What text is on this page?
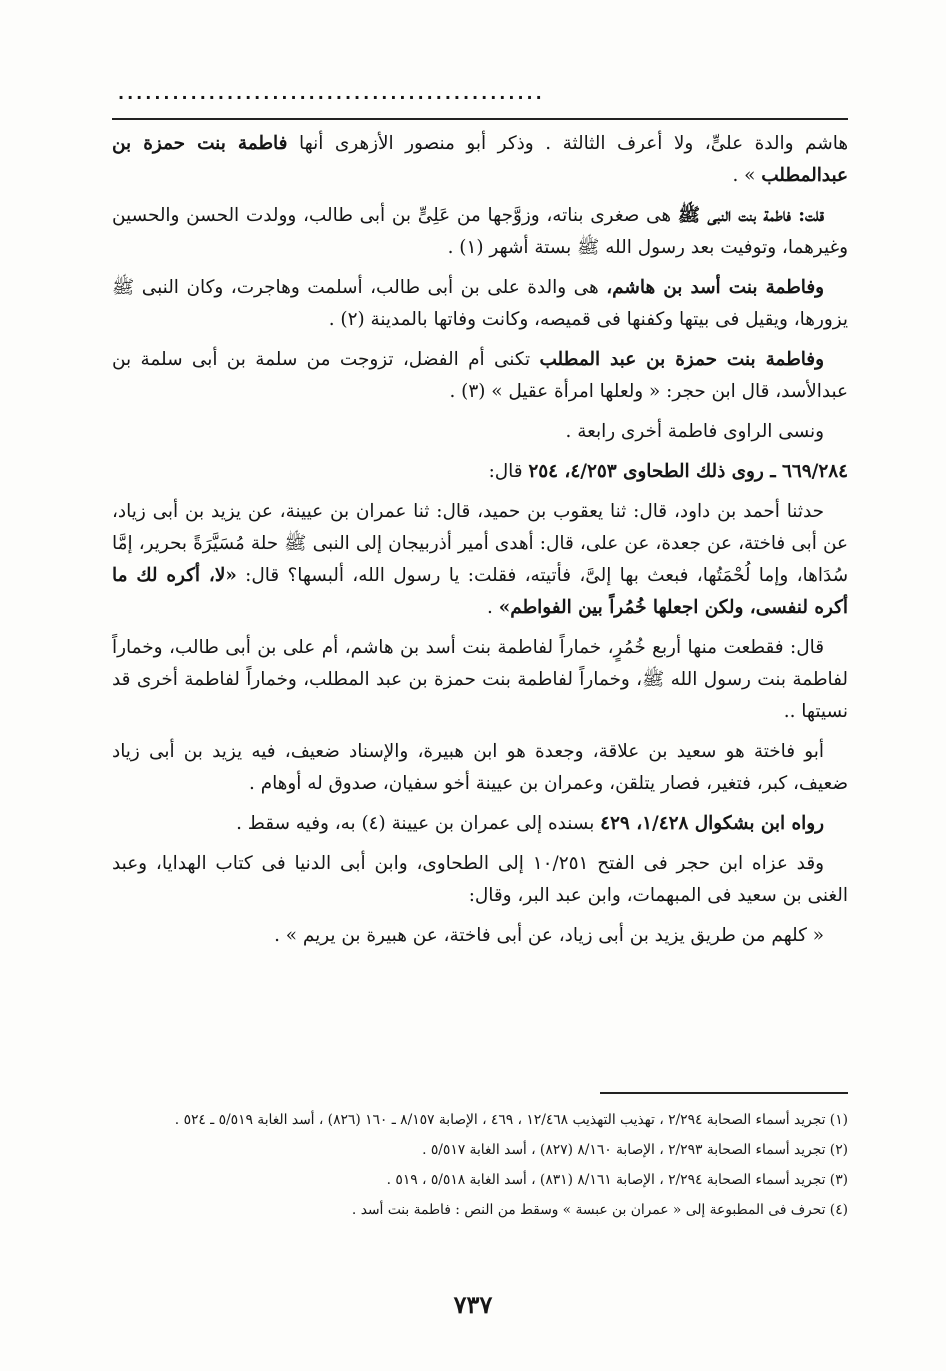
...............................................

هاشم والدة علىٍّ، ولا أعرف الثالثة . وذكر أبو منصور الأزهرى أنها فاطمة بنت حمزة بن عبدالمطلب » .

قلت: فاطمة بنت النبى ﷺ هى صغرى بناته، وزوَّجها من عَلِىٍّ بن أبى طالب، وولدت الحسن والحسين وغيرهما، وتوفيت بعد رسول الله ﷺ بستة أشهر (١) .

وفاطمة بنت أسد بن هاشم، هى والدة على بن أبى طالب، أسلمت وهاجرت، وكان النبى ﷺ يزورها، ويقيل فى بيتها وكفنها فى قميصه، وكانت وفاتها بالمدينة (٢) .

وفاطمة بنت حمزة بن عبد المطلب تكنى أم الفضل، تزوجت من سلمة بن أبى سلمة بن عبدالأسد، قال ابن حجر: « ولعلها امرأة عقيل » (٣) .

ونسى الراوى فاطمة أخرى رابعة .

٦٦٩/٢٨٤ ـ روى ذلك الطحاوى ٤/٢٥٣، ٢٥٤ قال:

حدثنا أحمد بن داود، قال: ثنا يعقوب بن حميد، قال: ثنا عمران بن عيينة، عن يزيد بن أبى زياد، عن أبى فاختة، عن جعدة، عن على، قال: أهدى أمير أذربيجان إلى النبى ﷺ حلة مُسَيَّرَةً بحرير، إمَّا سُدَاها، وإما لُحْمَتُها، فبعث بها إلىَّ، فأتيته، فقلت: يا رسول الله، ألبسها؟ قال: «لا، أكره لك ما أكره لنفسى، ولكن اجعلها خُمُراً بين الفواطم» .

قال: فقطعت منها أربع خُمُرٍ، خماراً لفاطمة بنت أسد بن هاشم، أم على بن أبى طالب، وخماراً لفاطمة بنت رسول الله ﷺ، وخماراً لفاطمة بنت حمزة بن عبد المطلب، وخماراً لفاطمة أخرى قد نسيتها ..

أبو فاختة هو سعيد بن علاقة، وجعدة هو ابن هبيرة، والإسناد ضعيف، فيه يزيد بن أبى زياد ضعيف، كبر، فتغير، فصار يتلقن، وعمران بن عيينة أخو سفيان، صدوق له أوهام .

رواه ابن بشكوال ١/٤٢٨، ٤٢٩ بسنده إلى عمران بن عيينة (٤) به، وفيه سقط .

وقد عزاه ابن حجر فى الفتح ١٠/٢٥١ إلى الطحاوى، وابن أبى الدنيا فى كتاب الهدايا، وعبد الغنى بن سعيد فى المبهمات، وابن عبد البر، وقال:

« كلهم من طريق يزيد بن أبى زياد، عن أبى فاختة، عن هبيرة بن يريم » .

(١) تجريد أسماء الصحابة ٢/٢٩٤ ، تهذيب التهذيب ١٢/٤٦٨ ، ٤٦٩ ، الإصابة ٨/١٥٧ ـ ١٦٠ (٨٢٦) ، أسد الغابة ٥/٥١٩ ـ ٥٢٤ .

(٢) تجريد أسماء الصحابة ٢/٢٩٣ ، الإصابة ٨/١٦٠ (٨٢٧) ، أسد الغابة ٥/٥١٧ .

(٣) تجريد أسماء الصحابة ٢/٢٩٤ ، الإصابة ٨/١٦١ (٨٣١) ، أسد الغابة ٥/٥١٨ ، ٥١٩ .

(٤) تحرف فى المطبوعة إلى « عمران بن عبسة » وسقط من النص : فاطمة بنت أسد .

٧٣٧
